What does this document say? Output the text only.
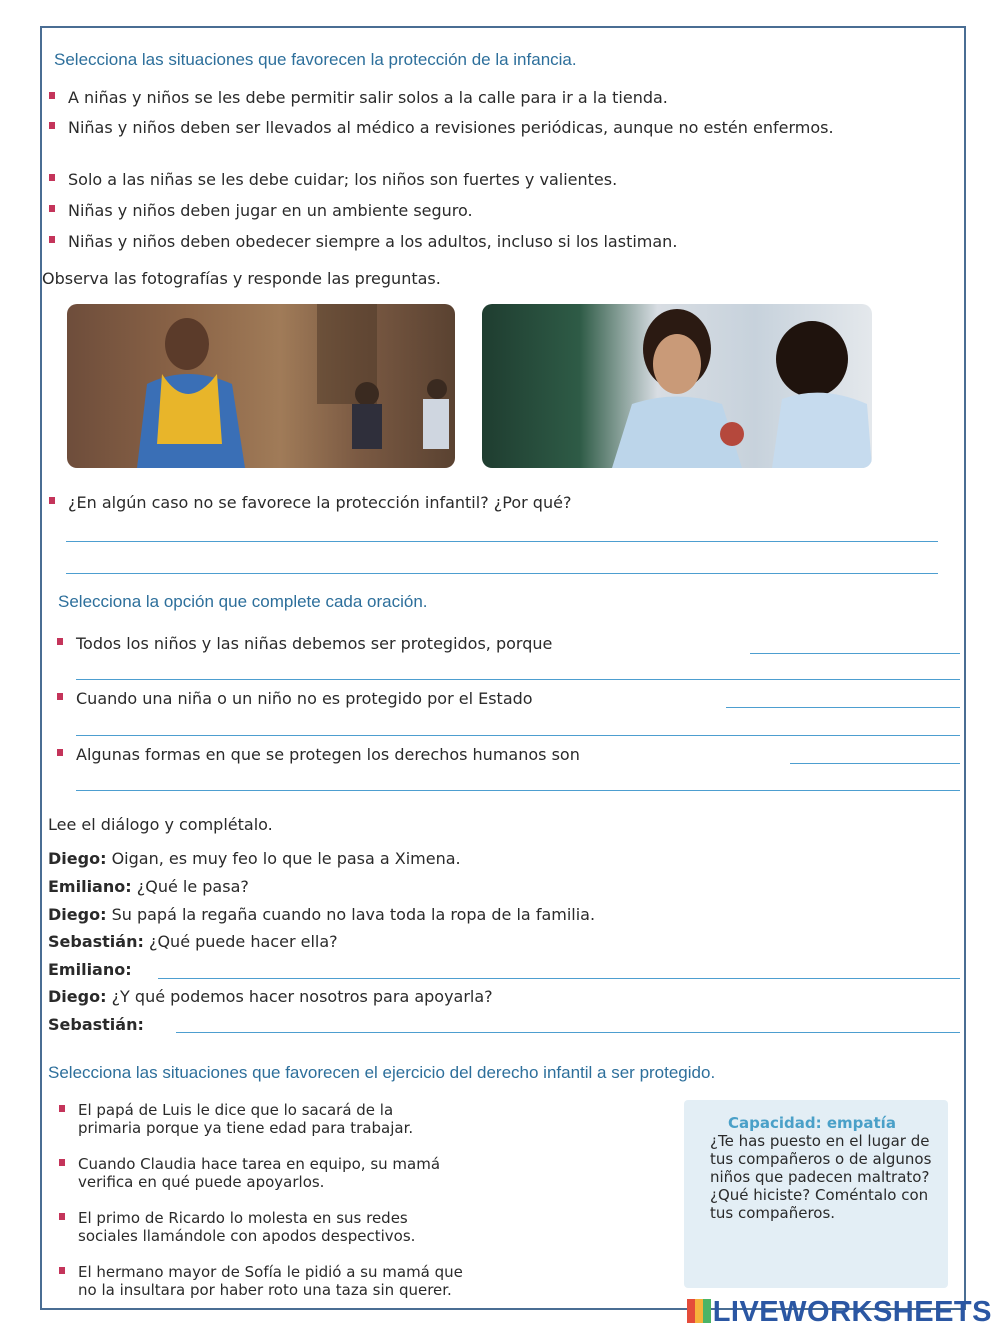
Selecciona las situaciones que favorecen la protección de la infancia.
A niñas y niños se les debe permitir salir solos a la calle para ir a la tienda.
Niñas y niños deben ser llevados al médico a revisiones periódicas, aunque no estén enfermos.
Solo a las niñas se les debe cuidar; los niños son fuertes y valientes.
Niñas y niños deben jugar en un ambiente seguro.
Niñas y niños deben obedecer siempre a los adultos, incluso si los lastiman.
Observa las fotografías y responde las preguntas.
¿En algún caso no se favorece la protección infantil? ¿Por qué?
Selecciona la opción que complete cada oración.
Todos los niños y las niñas debemos ser protegidos, porque
Cuando una niña o un niño no es protegido por el Estado
Algunas formas en que se protegen los derechos humanos son
Lee el diálogo y complétalo.
Diego: Oigan, es muy feo lo que le pasa a Ximena.
Emiliano: ¿Qué le pasa?
Diego: Su papá la regaña cuando no lava toda la ropa de la familia.
Sebastián: ¿Qué puede hacer ella?
Emiliano:
Diego: ¿Y qué podemos hacer nosotros para apoyarla?
Sebastián:
Selecciona las situaciones que favorecen el ejercicio del derecho infantil a ser protegido.
El papá de Luis le dice que lo sacará de la
primaria porque ya tiene edad para trabajar.
Cuando Claudia hace tarea en equipo, su mamá
verifica en qué puede apoyarlos.
El primo de Ricardo lo molesta en sus redes
sociales llamándole con apodos despectivos.
El hermano mayor de Sofía le pidió a su mamá que
no la insultara por haber roto una taza sin querer.
Capacidad: empatía
¿Te has puesto en el lugar de tus compañeros o de algunos niños que padecen maltrato? ¿Qué hiciste? Coméntalo con tus compañeros.
LIVEWORKSHEETS
